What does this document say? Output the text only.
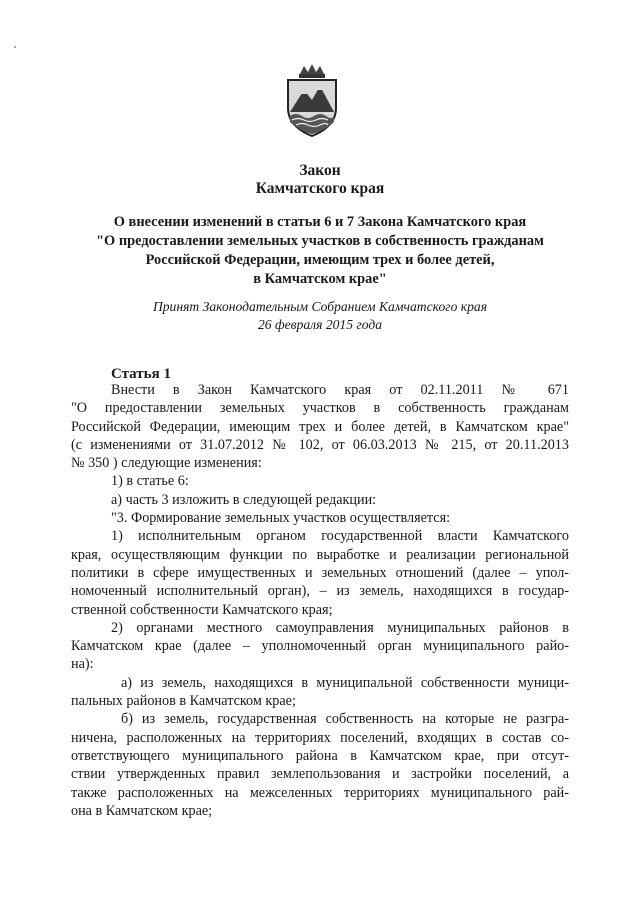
Закон
Камчатского края
О внесении изменений в статьи 6 и 7 Закона Камчатского края
"О предоставлении земельных участков в собственность гражданам
Российской Федерации, имеющим трех и более детей,
в Камчатском крае"
Принят Законодательным Собранием Камчатского края
26 февраля 2015 года
Статья 1
Внести в Закон Камчатского края от 02.11.2011 № 671
"О предоставлении земельных участков в собственность гражданам
Российской Федерации, имеющим трех и более детей, в Камчатском крае"
(с изменениями от 31.07.2012 № 102, от 06.03.2013 № 215, от 20.11.2013
№ 350 ) следующие изменения:
1) в статье 6:
а) часть 3 изложить в следующей редакции:
"3. Формирование земельных участков осуществляется:
1) исполнительным органом государственной власти Камчатского
края, осуществляющим функции по выработке и реализации региональной
политики в сфере имущественных и земельных отношений (далее – упол-
номоченный исполнительный орган), – из земель, находящихся в государ-
ственной собственности Камчатского края;
2) органами местного самоуправления муниципальных районов в
Камчатском крае (далее – уполномоченный орган муниципального райо-
на):
а) из земель, находящихся в муниципальной собственности муници-
пальных районов в Камчатском крае;
б) из земель, государственная собственность на которые не разгра-
ничена, расположенных на территориях поселений, входящих в состав со-
ответствующего муниципального района в Камчатском крае, при отсут-
ствии утвержденных правил землепользования и застройки поселений, а
также расположенных на межселенных территориях муниципального рай-
она в Камчатском крае;
